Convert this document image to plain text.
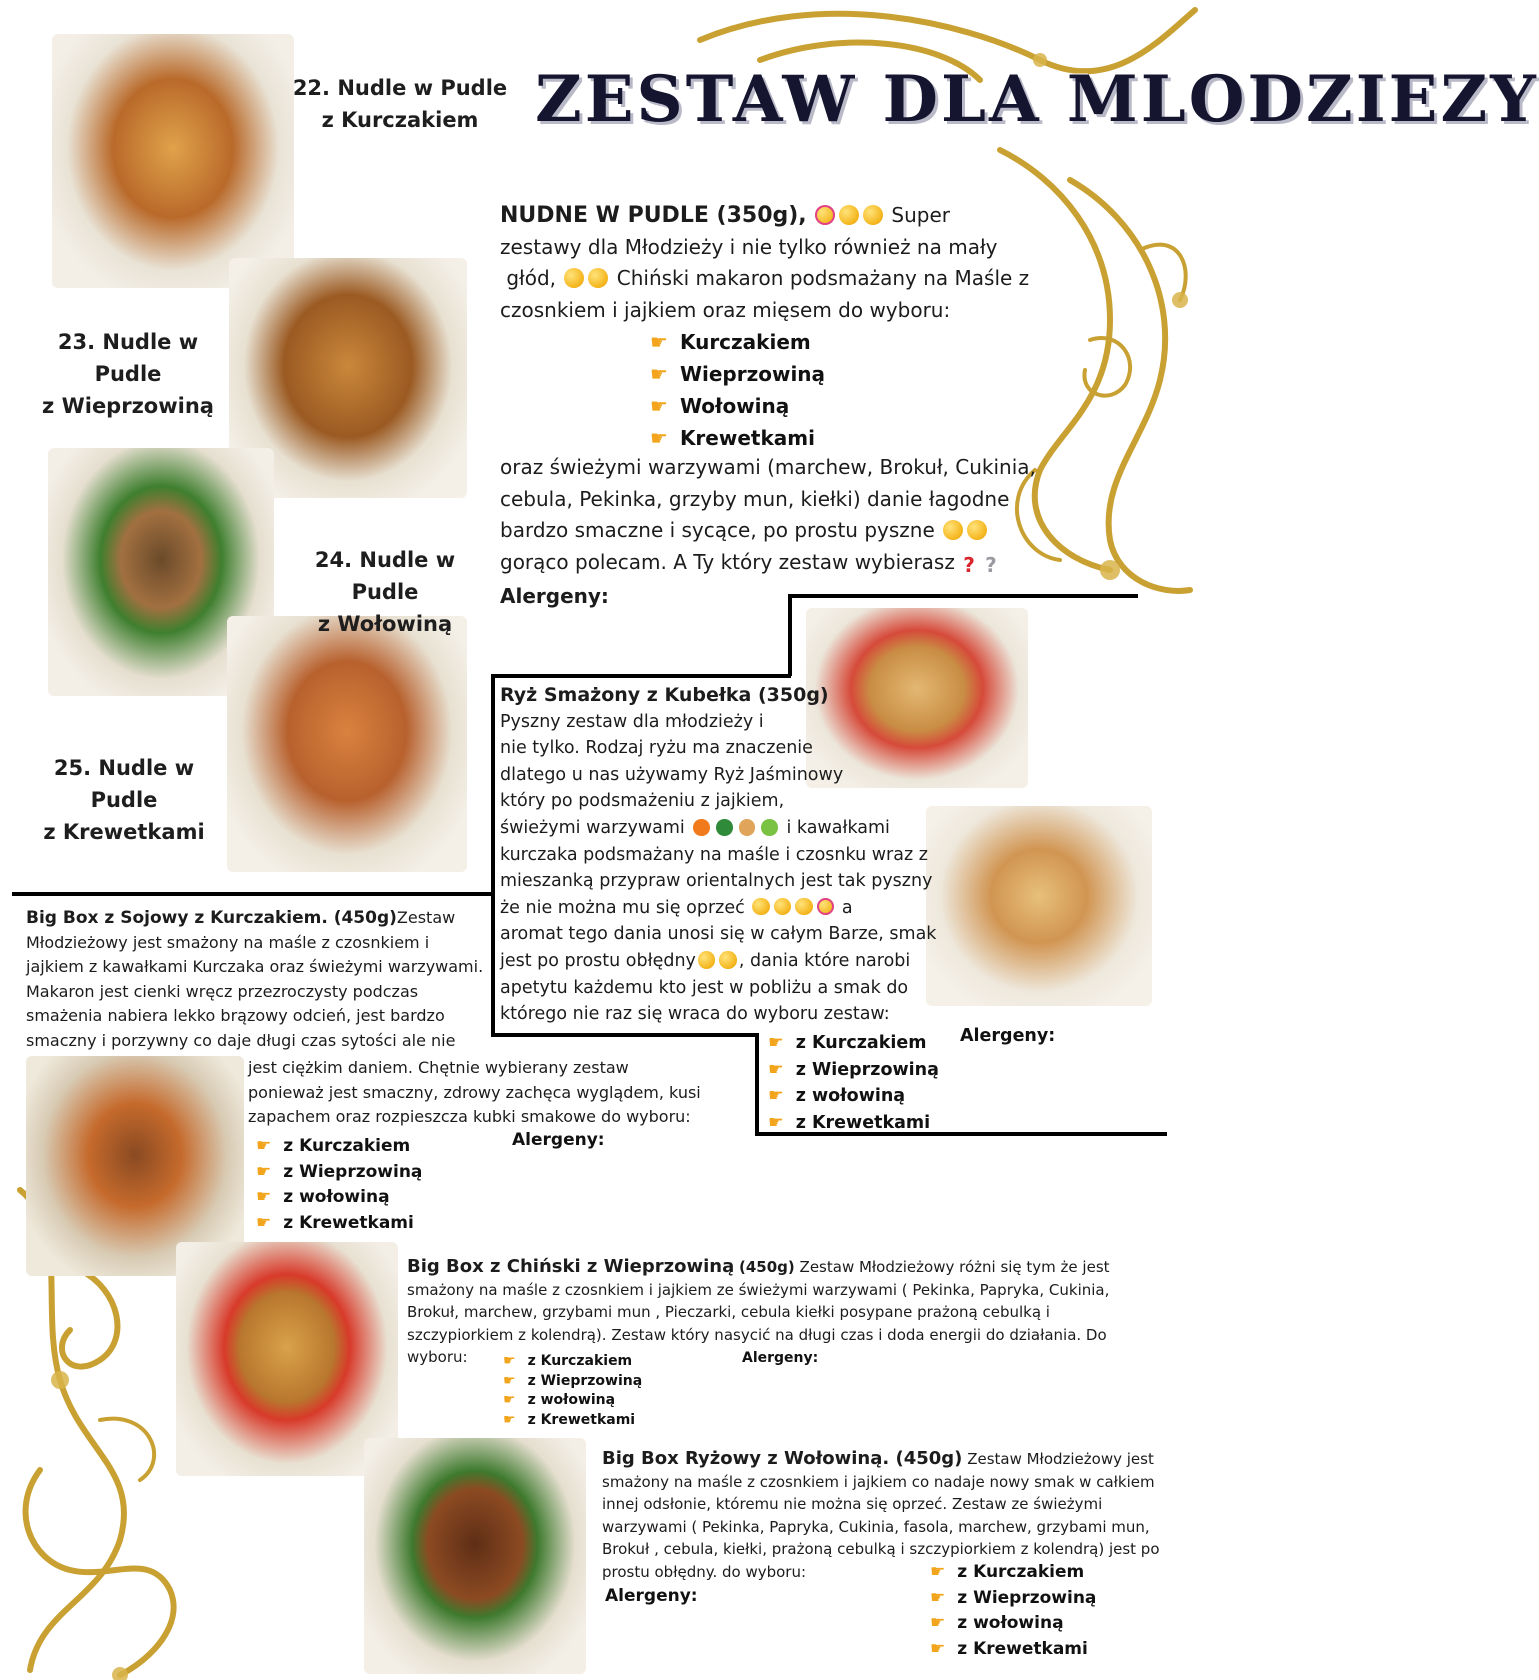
22. Nudle w Pudle
z Kurczakiem
23. Nudle w Pudle
z Wieprzowiną
24. Nudle w Pudle
z Wołowiną
25. Nudle w Pudle
z Krewetkami
ZESTAW DLA MLODZIEZY
NUDNE W PUDLE (350g),	Super
zestawy dla Młodzieży i nie tylko również na mały
głód,	Chiński makaron podsmażany na Maśle z
czosnkiem i jajkiem oraz mięsem do wyboru:
☛ Kurczakiem
☛ Wieprzowiną
☛ Wołowiną
☛ Krewetkami
oraz świeżymi warzywami (marchew, Brokuł, Cukinia,
cebula, Pekinka, grzyby mun, kiełki) danie łagodne
bardzo smaczne i sycące, po prostu pyszne
gorąco polecam. A Ty który zestaw wybierasz ? ?
Alergeny:
Ryż Smażony z Kubełka (350g)
Pyszny zestaw dla młodzieży i
nie tylko. Rodzaj ryżu ma znaczenie
dlatego u nas używamy Ryż Jaśminowy
który po podsmażeniu z jajkiem,
świeżymi warzywami	i kawałkami
kurczaka podsmażany na maśle i czosnku wraz z
mieszanką przypraw orientalnych jest tak pyszny
że nie można mu się oprzeć	a
aromat tego dania unosi się w całym Barze, smak
jest po prostu obłędny , dania które narobi
apetytu każdemu kto jest w pobliżu a smak do
którego nie raz się wraca do wyboru zestaw:
☛ z Kurczakiem
☛ z Wieprzowiną
☛ z wołowiną
☛ z Krewetkami
Alergeny:
Big Box z Sojowy z Kurczakiem. (450g)Zestaw
Młodzieżowy jest smażony na maśle z czosnkiem i
jajkiem z kawałkami Kurczaka oraz świeżymi warzywami.
Makaron jest cienki wręcz przezroczysty podczas
smażenia nabiera lekko brązowy odcień, jest bardzo
smaczny i porzywny co daje długi czas sytości ale nie
jest ciężkim daniem. Chętnie wybierany zestaw
ponieważ jest smaczny, zdrowy zachęca wyglądem, kusi
zapachem oraz rozpieszcza kubki smakowe do wyboru:
☛ z Kurczakiem
☛ z Wieprzowiną
☛ z wołowiną
☛ z Krewetkami
Alergeny:
Big Box z Chiński z Wieprzowiną (450g) Zestaw Młodzieżowy różni się tym że jest
smażony na maśle z czosnkiem i jajkiem ze świeżymi warzywami ( Pekinka, Papryka, Cukinia,
Brokuł, marchew, grzybami mun , Pieczarki, cebula kiełki posypane prażoną cebulką i
szczypiorkiem z kolendrą). Zestaw który nasycić na długi czas i doda energii do działania. Do
wyboru:	☛ z Kurczakiem
☛ z Wieprzowiną
☛ z wołowiną
☛ z Krewetkami
Alergeny:
Big Box Ryżowy z Wołowiną. (450g) Zestaw Młodzieżowy jest
smażony na maśle z czosnkiem i jajkiem co nadaje nowy smak w całkiem
innej odsłonie, któremu nie można się oprzeć. Zestaw ze świeżymi
warzywami ( Pekinka, Papryka, Cukinia, fasola, marchew, grzybami mun,
Brokuł , cebula, kiełki, prażoną cebulką i szczypiorkiem z kolendrą) jest po
prostu obłędny. do wyboru:
Alergeny:
☛ z Kurczakiem
☛ z Wieprzowiną
☛ z wołowiną
☛ z Krewetkami
